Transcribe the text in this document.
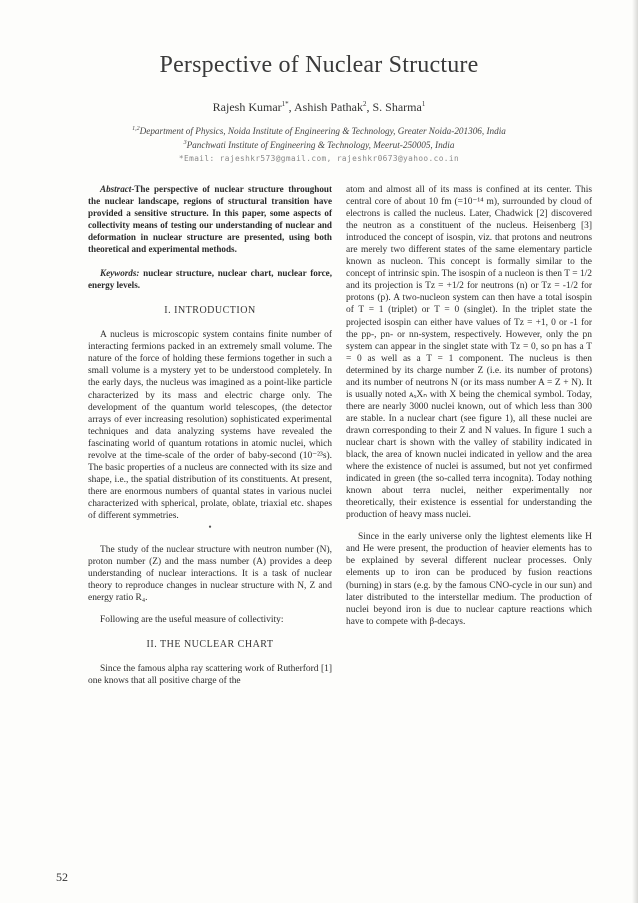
Perspective of Nuclear Structure
Rajesh Kumar$^{1*}$, Ashish Pathak$^2$, S. Sharma$^1$
$^{1,2}$Department of Physics, Noida Institute of Engineering & Technology, Greater Noida-201306, India
$^3$Panchwati Institute of Engineering & Technology, Meerut-250005, India
*Email: rajeshkr573@gmail.com, rajeshkr0673@yahoo.co.in

Abstract-The perspective of nuclear structure throughout the nuclear landscape, regions of structural transition have provided a sensitive structure. In this paper, some aspects of collectivity means of testing our understanding of nuclear and deformation in nuclear structure are presented, using both theoretical and experimental methods.

Keywords: nuclear structure, nuclear chart, nuclear force, energy levels.

I. INTRODUCTION

A nucleus is microscopic system contains finite number of interacting fermions packed in an extremely small volume. The nature of the force of holding these fermions together in such a small volume is a mystery yet to be understood completely. In the early days, the nucleus was imagined as a point-like particle characterized by its mass and electric charge only. The development of the quantum world telescopes, (the detector arrays of ever increasing resolution) sophisticated experimental techniques and data analyzing systems have revealed the fascinating world of quantum rotations in atomic nuclei, which revolve at the time-scale of the order of baby-second (10⁻²³s). The basic properties of a nucleus are connected with its size and shape, i.e., the spatial distribution of its constituents. At present, there are enormous numbers of quantal states in various nuclei characterized with spherical, prolate, oblate, triaxial etc. shapes of different symmetries.

•

The study of the nuclear structure with neutron number (N), proton number (Z) and the mass number (A) provides a deep understanding of nuclear interactions. It is a task of nuclear theory to reproduce changes in nuclear structure with N, Z and energy ratio R₄.

Following are the useful measure of collectivity:

II. THE NUCLEAR CHART

Since the famous alpha ray scattering work of Rutherford [1] one knows that all positive charge of the

atom and almost all of its mass is confined at its center. This central core of about 10 fm (=10⁻¹⁴ m), surrounded by cloud of electrons is called the nucleus. Later, Chadwick [2] discovered the neutron as a constituent of the nucleus. Heisenberg [3] introduced the concept of isospin, viz. that protons and neutrons are merely two different states of the same elementary particle known as nucleon. This concept is formally similar to the concept of intrinsic spin. The isospin of a nucleon is then T = 1/2 and its projection is Tz = +1/2 for neutrons (n) or Tz = -1/2 for protons (p). A two-nucleon system can then have a total isospin of T = 1 (triplet) or T = 0 (singlet). In the triplet state the projected isospin can either have values of Tz = +1, 0 or -1 for the pp-, pn- or nn-system, respectively. However, only the pn system can appear in the singlet state with Tz = 0, so pn has a T = 0 as well as a T = 1 component. The nucleus is then determined by its charge number Z (i.e. its number of protons) and its number of neutrons N (or its mass number A = Z + N). It is usually noted ᴀₓXₙ with X being the chemical symbol. Today, there are nearly 3000 nuclei known, out of which less than 300 are stable. In a nuclear chart (see figure 1), all these nuclei are drawn corresponding to their Z and N values. In figure 1 such a nuclear chart is shown with the valley of stability indicated in black, the area of known nuclei indicated in yellow and the area where the existence of nuclei is assumed, but not yet confirmed indicated in green (the so-called terra incognita). Today nothing known about terra nuclei, neither experimentally nor theoretically, their existence is essential for understanding the production of heavy mass nuclei.

Since in the early universe only the lightest elements like H and He were present, the production of heavier elements has to be explained by several different nuclear processes. Only elements up to iron can be produced by fusion reactions (burning) in stars (e.g. by the famous CNO-cycle in our sun) and later distributed to the interstellar medium. The production of nuclei beyond iron is due to nuclear capture reactions which have to compete with β-decays.

52
